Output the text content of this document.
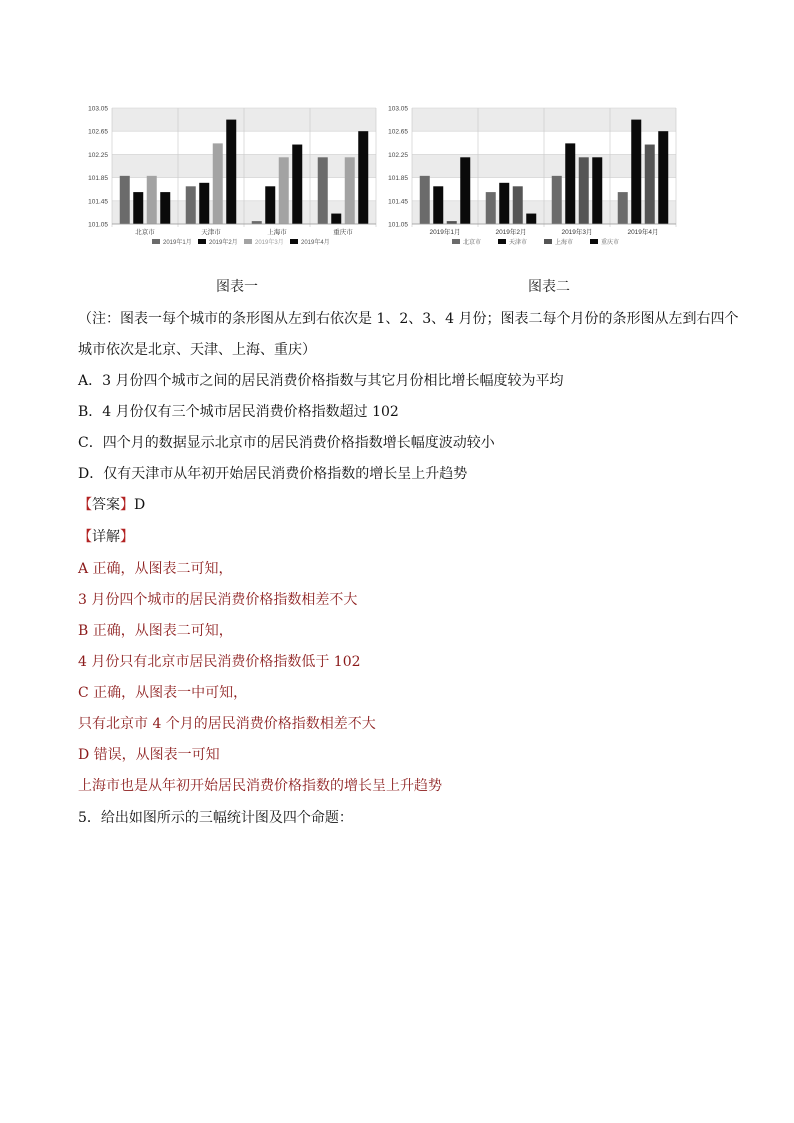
103.05
102.65
102.25
101.85
101.45
101.05
北京市	天津市	上海市	重庆市
2019年1月	2019年2月	2019年3月	2019年4月
图表一
103.05
102.65
102.25
101.85
101.45
101.05
2019年1月	2019年2月	2019年3月	2019年4月
北京市	天津市	上海市	重庆市
图表二
（注：图表一每个城市的条形图从左到右依次是 1、2、3、4 月份；图表二每个月份的条形图从左到右四个
城市依次是北京、天津、上海、重庆）
A．3 月份四个城市之间的居民消费价格指数与其它月份相比增长幅度较为平均
B．4 月份仅有三个城市居民消费价格指数超过 102
C．四个月的数据显示北京市的居民消费价格指数增长幅度波动较小
D．仅有天津市从年初开始居民消费价格指数的增长呈上升趋势
【答案】D
【详解】
A 正确，从图表二可知，
3 月份四个城市的居民消费价格指数相差不大
B 正确，从图表二可知，
4 月份只有北京市居民消费价格指数低于 102
C 正确，从图表一中可知，
只有北京市 4 个月的居民消费价格指数相差不大
D 错误，从图表一可知
上海市也是从年初开始居民消费价格指数的增长呈上升趋势
5．给出如图所示的三幅统计图及四个命题：
